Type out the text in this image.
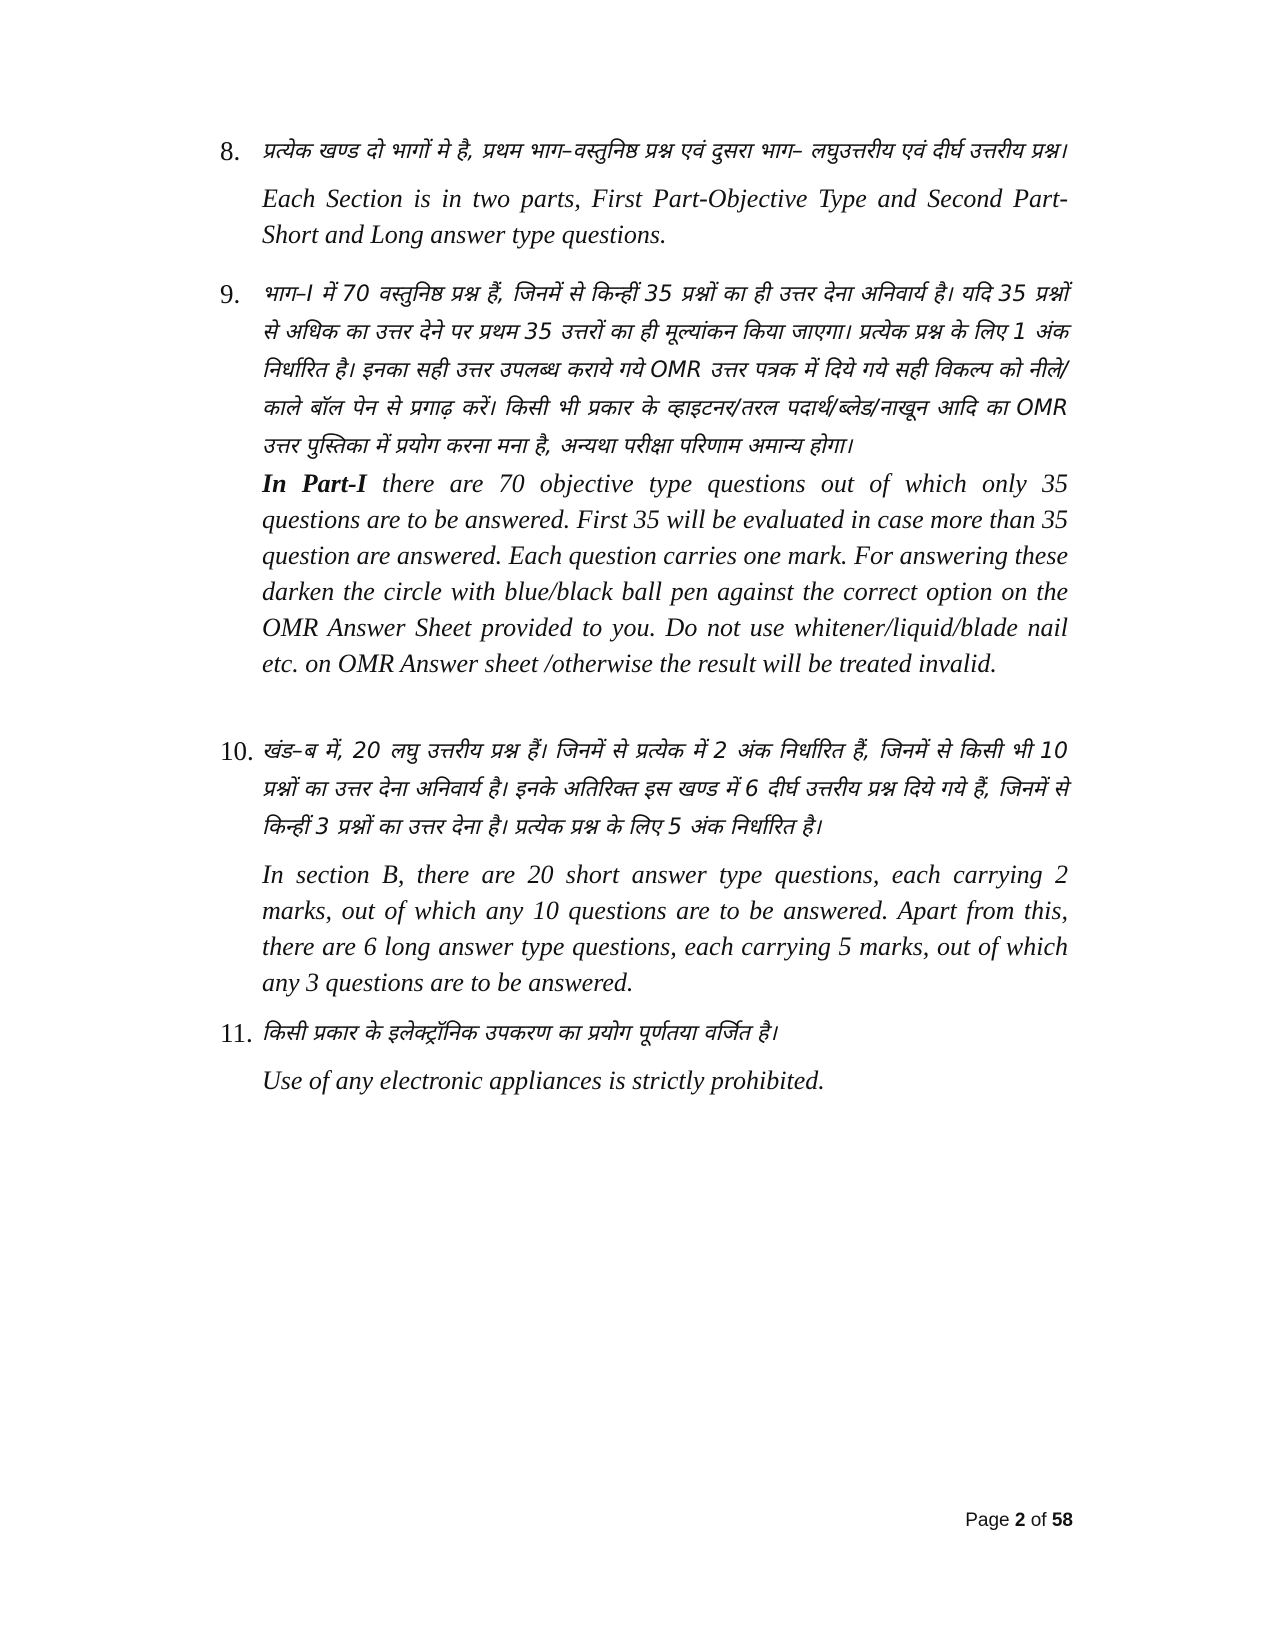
8. प्रत्येक खण्ड दो भागों मे है, प्रथम भाग–वस्तुनिष्ठ प्रश्न एवं दुसरा भाग– लघुउत्तरीय एवं दीर्घ उत्तरीय प्रश्न।

Each Section is in two parts, First Part-Objective Type and Second Part-Short and Long answer type questions.

9. भाग–I में 70 वस्तुनिष्ठ प्रश्न हैं, जिनमें से किन्हीं 35 प्रश्नों का ही उत्तर देना अनिवार्य है। यदि 35 प्रश्नों से अधिक का उत्तर देने पर प्रथम 35 उत्तरों का ही मूल्यांकन किया जाएगा। प्रत्येक प्रश्न के लिए 1 अंक निर्धारित है। इनका सही उत्तर उपलब्ध कराये गये OMR उत्तर पत्रक में दिये गये सही विकल्प को नीले/काले बॉल पेन से प्रगाढ़ करें। किसी भी प्रकार के व्हाइटनर/तरल पदार्थ/ब्लेड/नाखून आदि का OMR उत्तर पुस्तिका में प्रयोग करना मना है, अन्यथा परीक्षा परिणाम अमान्य होगा।

In Part-I there are 70 objective type questions out of which only 35 questions are to be answered. First 35 will be evaluated in case more than 35 question are answered. Each question carries one mark. For answering these darken the circle with blue/black ball pen against the correct option on the OMR Answer Sheet provided to you. Do not use whitener/liquid/blade nail etc. on OMR Answer sheet /otherwise the result will be treated invalid.

10. खंड–ब में, 20 लघु उत्तरीय प्रश्न हैं। जिनमें से प्रत्येक में 2 अंक निर्धारित हैं, जिनमें से किसी भी 10 प्रश्नों का उत्तर देना अनिवार्य है। इनके अतिरिक्त इस खण्ड में 6 दीर्घ उत्तरीय प्रश्न दिये गये हैं, जिनमें से किन्हीं 3 प्रश्नों का उत्तर देना है। प्रत्येक प्रश्न के लिए 5 अंक निर्धारित है।

In section B, there are 20 short answer type questions, each carrying 2 marks, out of which any 10 questions are to be answered. Apart from this, there are 6 long answer type questions, each carrying 5 marks, out of which any 3 questions are to be answered.

11. किसी प्रकार के इलेक्ट्रॉनिक उपकरण का प्रयोग पूर्णतया वर्जित है।

Use of any electronic appliances is strictly prohibited.

Page 2 of 58
